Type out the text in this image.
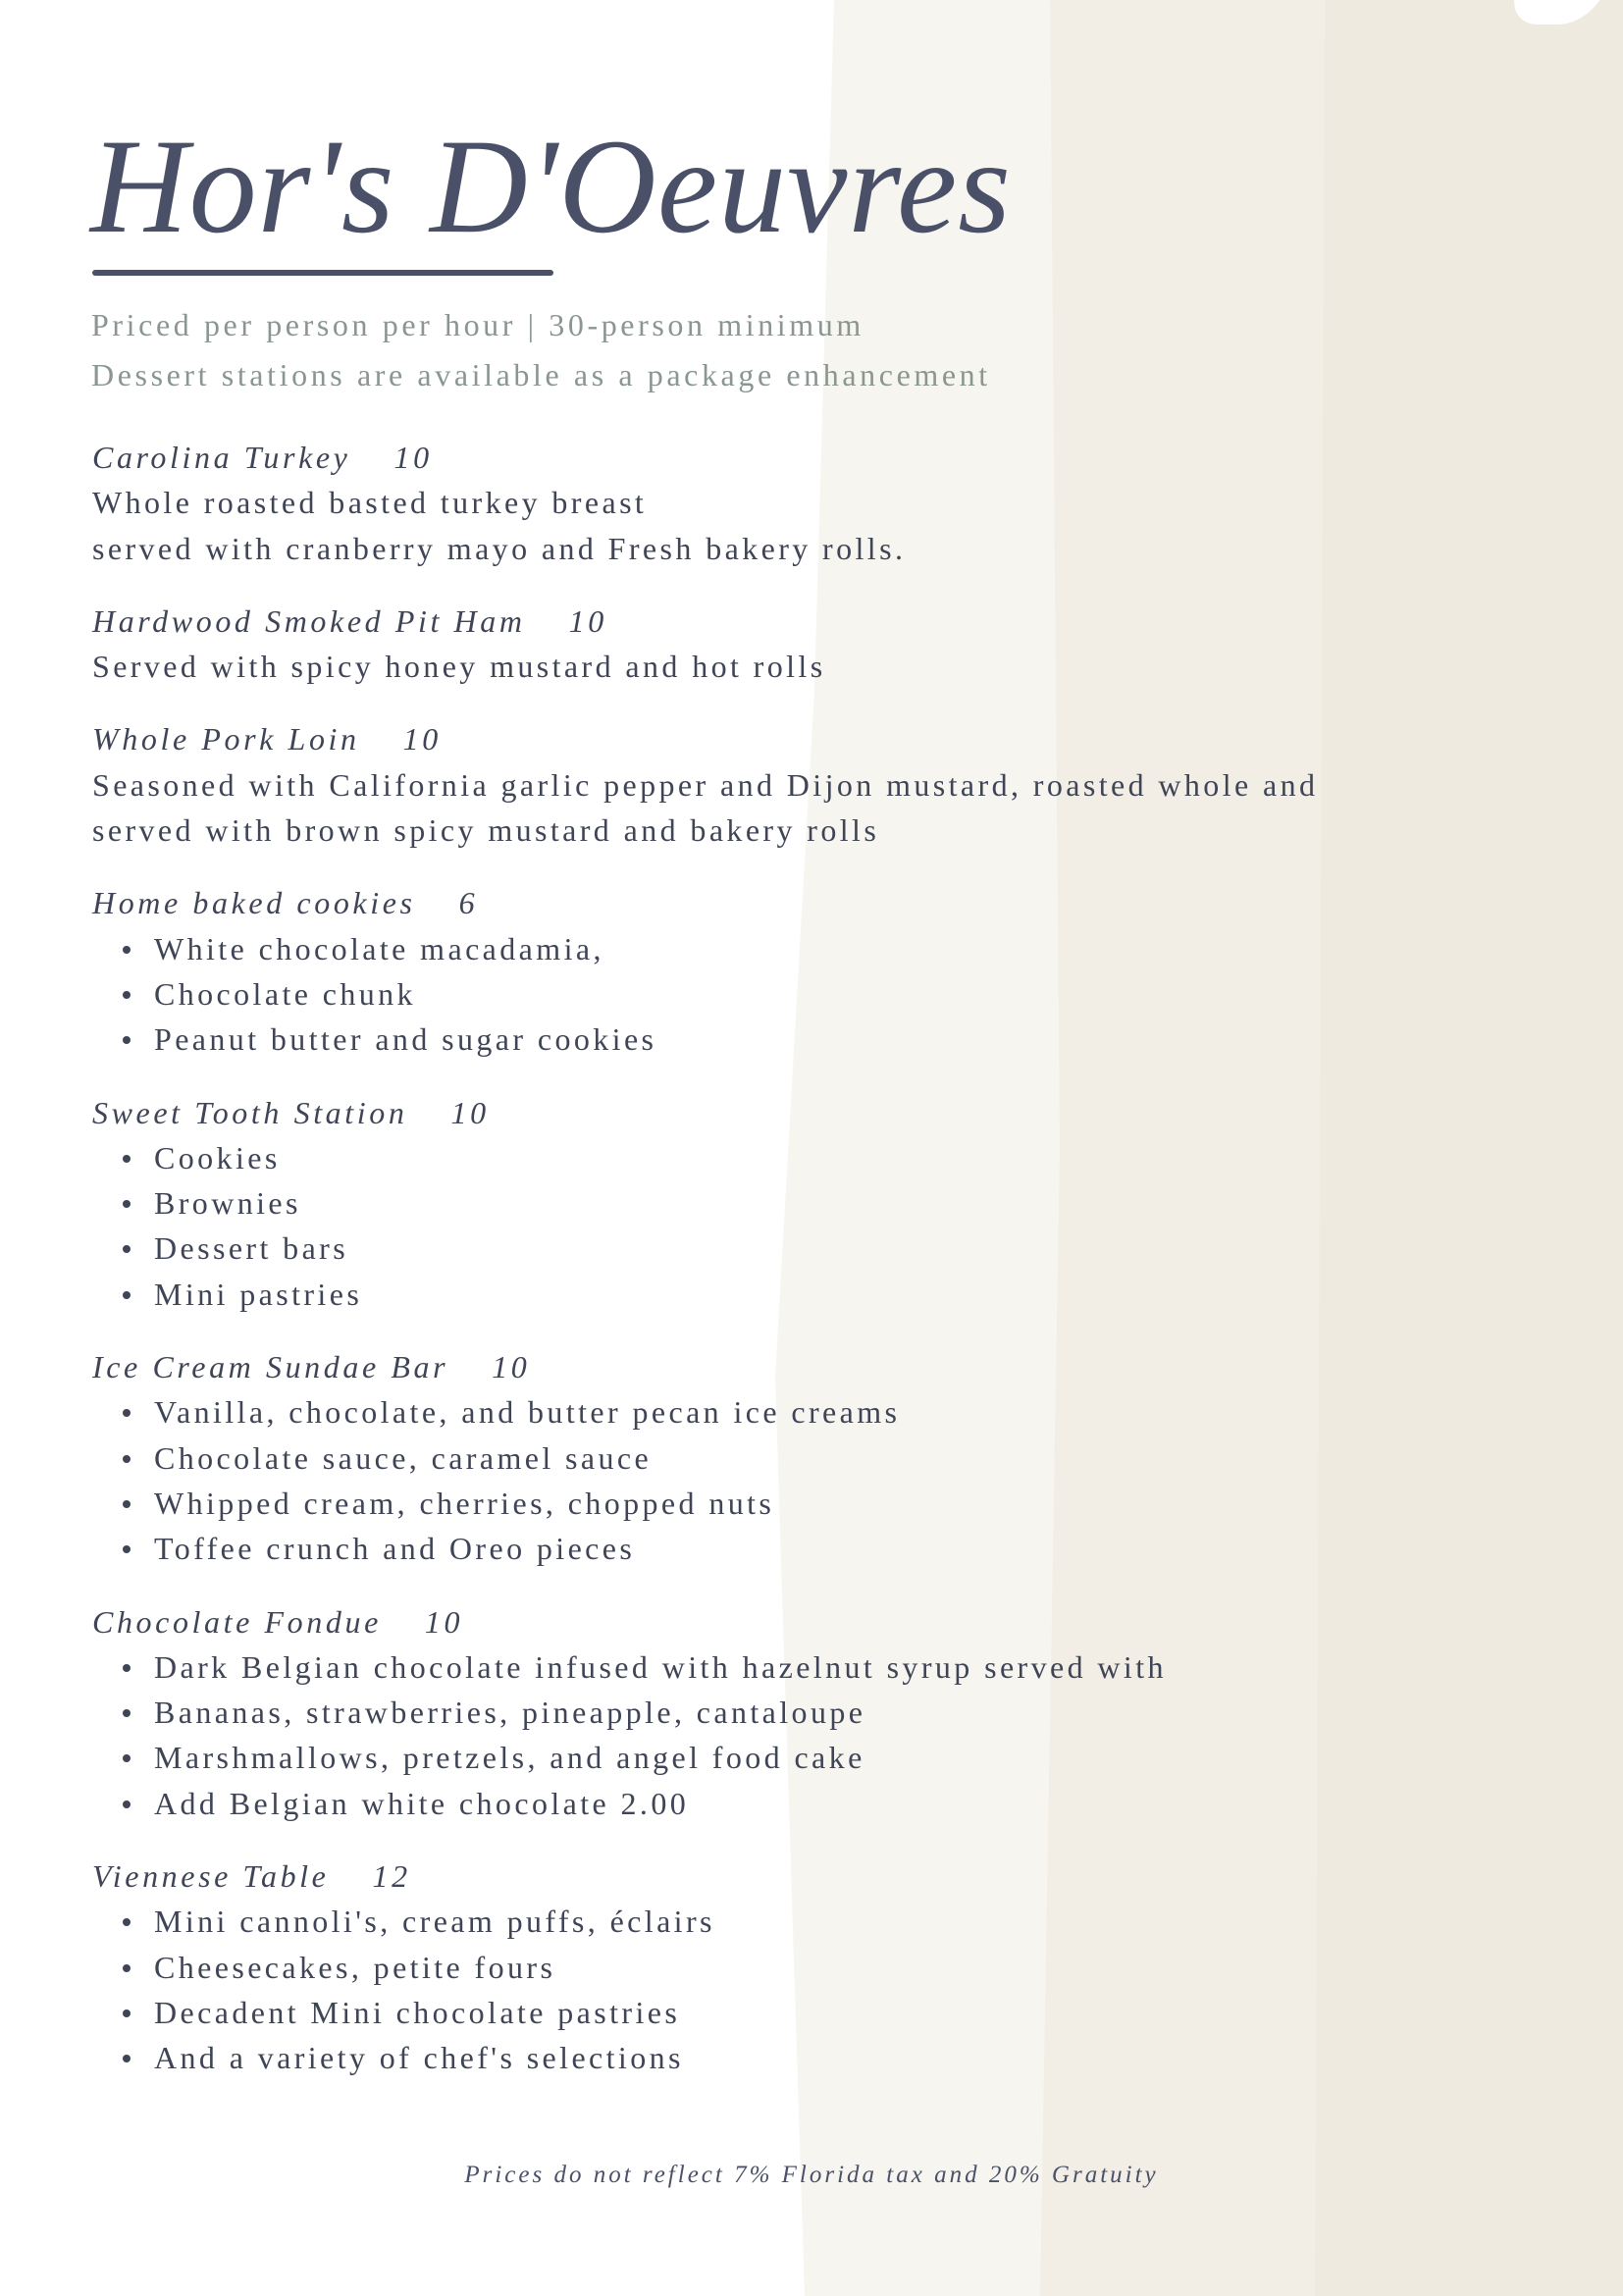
Hor's D'Oeuvres
Priced per person per hour | 30-person minimum
Dessert stations are available as a package enhancement
Carolina Turkey 10
Whole roasted basted turkey breast
served with cranberry mayo and Fresh bakery rolls.
Hardwood Smoked Pit Ham 10
Served with spicy honey mustard and hot rolls
Whole Pork Loin 10
Seasoned with California garlic pepper and Dijon mustard, roasted whole and
served with brown spicy mustard and bakery rolls
Home baked cookies 6
White chocolate macadamia,
Chocolate chunk
Peanut butter and sugar cookies
Sweet Tooth Station 10
Cookies
Brownies
Dessert bars
Mini pastries
Ice Cream Sundae Bar 10
Vanilla, chocolate, and butter pecan ice creams
Chocolate sauce, caramel sauce
Whipped cream, cherries, chopped nuts
Toffee crunch and Oreo pieces
Chocolate Fondue 10
Dark Belgian chocolate infused with hazelnut syrup served with
Bananas, strawberries, pineapple, cantaloupe
Marshmallows, pretzels, and angel food cake
Add Belgian white chocolate 2.00
Viennese Table 12
Mini cannoli's, cream puffs, éclairs
Cheesecakes, petite fours
Decadent Mini chocolate pastries
And a variety of chef's selections
Prices do not reflect 7% Florida tax and 20% Gratuity
